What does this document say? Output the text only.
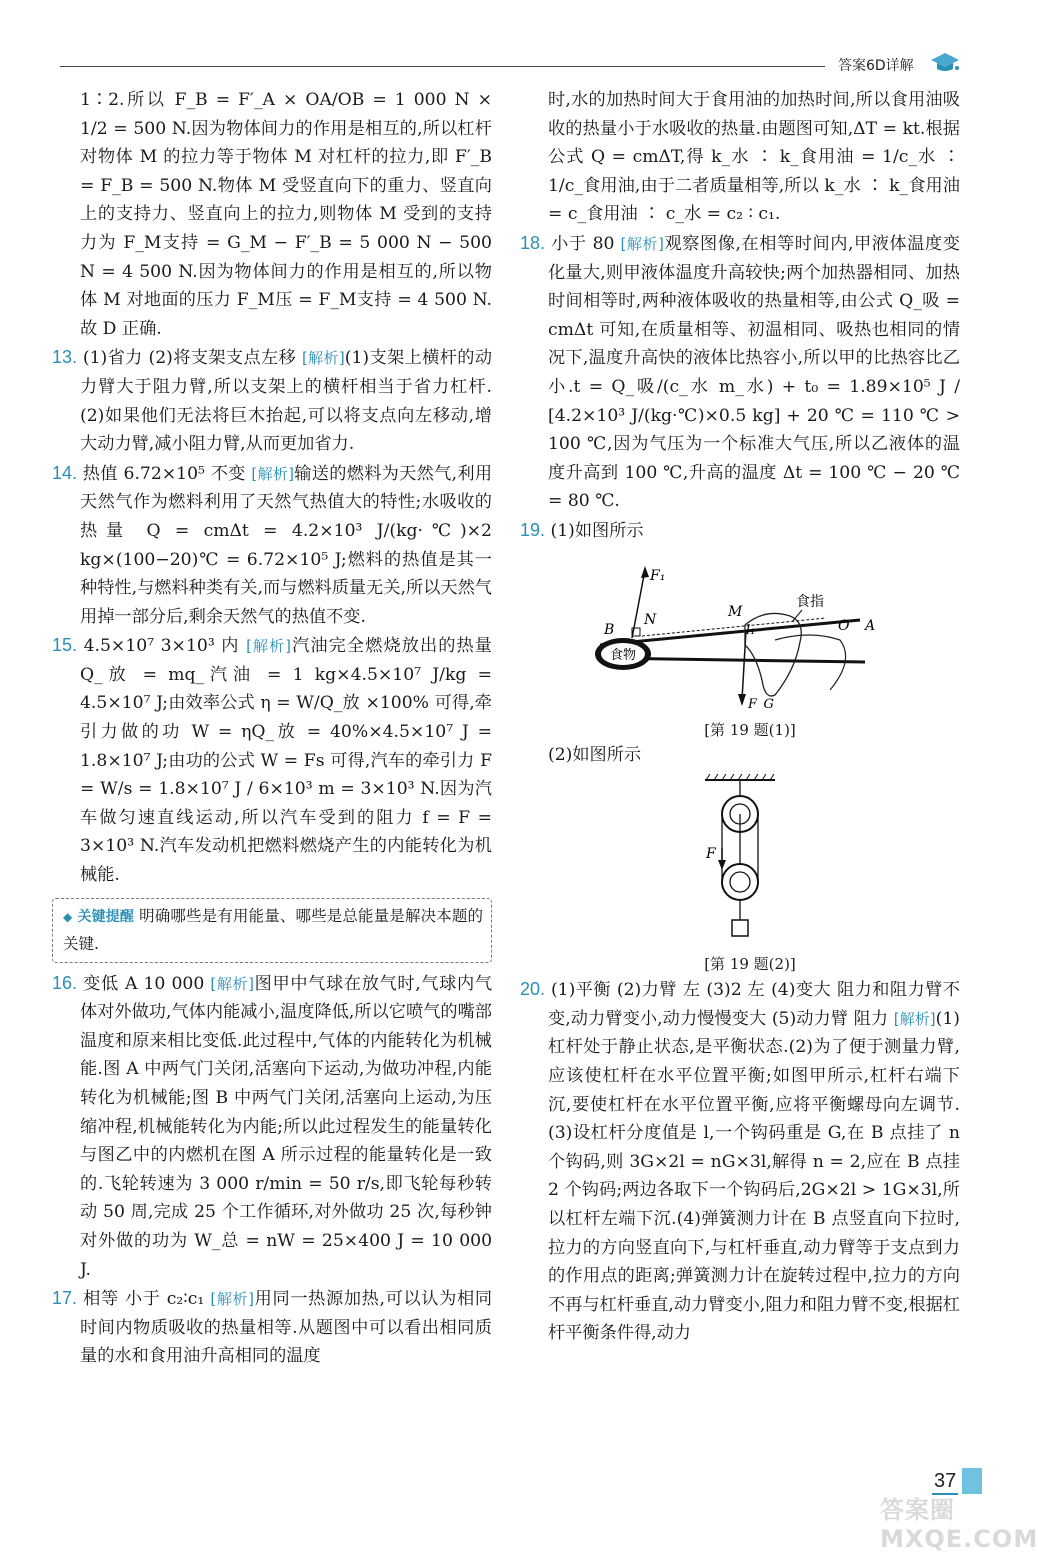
答案6D详解

1∶2.所以 F_B = F′_A × OA/OB = 1 000 N × 1/2 = 500 N.因为物体间力的作用是相互的,所以杠杆对物体 M 的拉力等于物体 M 对杠杆的拉力,即 F′_B = F_B = 500 N.物体 M 受竖直向下的重力、竖直向上的支持力、竖直向上的拉力,则物体 M 受到的支持力为 F_M支持 = G_M − F′_B = 5 000 N − 500 N = 4 500 N.因为物体间力的作用是相互的,所以物体 M 对地面的压力 F_M压 = F_M支持 = 4 500 N.故 D 正确.

13. (1)省力 (2)将支架支点左移 [解析](1)支架上横杆的动力臂大于阻力臂,所以支架上的横杆相当于省力杠杆.(2)如果他们无法将巨木抬起,可以将支点向左移动,增大动力臂,减小阻力臂,从而更加省力.

14. 热值 6.72×10⁵ 不变 [解析]输送的燃料为天然气,利用天然气作为燃料利用了天然气热值大的特性;水吸收的热量 Q = cmΔt = 4.2×10³ J/(kg·℃)×2 kg×(100−20)℃ = 6.72×10⁵ J;燃料的热值是其一种特性,与燃料种类有关,而与燃料质量无关,所以天然气用掉一部分后,剩余天然气的热值不变.

15. 4.5×10⁷ 3×10³ 内 [解析]汽油完全燃烧放出的热量 Q_放 = mq_汽油 = 1 kg×4.5×10⁷ J/kg = 4.5×10⁷ J;由效率公式 η = W/Q_放 ×100% 可得,牵引力做的功 W = ηQ_放 = 40%×4.5×10⁷ J = 1.8×10⁷ J;由功的公式 W = Fs 可得,汽车的牵引力 F = W/s = 1.8×10⁷ J / 6×10³ m = 3×10³ N.因为汽车做匀速直线运动,所以汽车受到的阻力 f = F = 3×10³ N.汽车发动机把燃料燃烧产生的内能转化为机械能.

◆ 关键提醒 明确哪些是有用能量、哪些是总能量是解决本题的关键.

16. 变低 A 10 000 [解析]图甲中气球在放气时,气球内气体对外做功,气体内能减小,温度降低,所以它喷气的嘴部温度和原来相比变低.此过程中,气体的内能转化为机械能.图 A 中两气门关闭,活塞向下运动,为做功冲程,内能转化为机械能;图 B 中两气门关闭,活塞向上运动,为压缩冲程,机械能转化为内能;所以此过程发生的能量转化与图乙中的内燃机在图 A 所示过程的能量转化是一致的.飞轮转速为 3 000 r/min = 50 r/s,即飞轮每秒转动 50 周,完成 25 个工作循环,对外做功 25 次,每秒钟对外做的功为 W_总 = nW = 25×400 J = 10 000 J.

17. 相等 小于 c₂∶c₁ [解析]用同一热源加热,可以认为相同时间内物质吸收的热量相等.从题图中可以看出相同质量的水和食用油升高相同的温度

时,水的加热时间大于食用油的加热时间,所以食用油吸收的热量小于水吸收的热量.由题图可知,ΔT = kt.根据公式 Q = cmΔT,得 k_水 ∶ k_食用油 = 1/c_水 ∶ 1/c_食用油,由于二者质量相等,所以 k_水 ∶ k_食用油 = c_食用油 ∶ c_水 = c₂ ∶ c₁.

18. 小于 80 [解析]观察图像,在相等时间内,甲液体温度变化量大,则甲液体温度升高较快;两个加热器相同、加热时间相等时,两种液体吸收的热量相等,由公式 Q_吸 = cmΔt 可知,在质量相等、初温相同、吸热也相同的情况下,温度升高快的液体比热容小,所以甲的比热容比乙小.t = Q_吸/(c_水 m_水) + t₀ = 1.89×10⁵ J / [4.2×10³ J/(kg·℃)×0.5 kg] + 20 ℃ = 110 ℃ > 100 ℃,因为气压为一个标准大气压,所以乙液体的温度升高到 100 ℃,升高的温度 Δt = 100 ℃ − 20 ℃ = 80 ℃.

19. (1)如图所示

食物
F₁
B
N	M
l₁
食指
O A
F_G
[第 19 题(1)]

(2)如图所示

F
[第 19 题(2)]

20. (1)平衡 (2)力臂 左 (3)2 左 (4)变大 阻力和阻力臂不变,动力臂变小,动力慢慢变大 (5)动力臂 阻力 [解析](1)杠杆处于静止状态,是平衡状态.(2)为了便于测量力臂,应该使杠杆在水平位置平衡;如图甲所示,杠杆右端下沉,要使杠杆在水平位置平衡,应将平衡螺母向左调节.(3)设杠杆分度值是 l,一个钩码重是 G,在 B 点挂了 n 个钩码,则 3G×2l = nG×3l,解得 n = 2,应在 B 点挂 2 个钩码;两边各取下一个钩码后,2G×2l > 1G×3l,所以杠杆左端下沉.(4)弹簧测力计在 B 点竖直向下拉时,拉力的方向竖直向下,与杠杆垂直,动力臂等于支点到力的作用点的距离;弹簧测力计在旋转过程中,拉力的方向不再与杠杆垂直,动力臂变小,阻力和阻力臂不变,根据杠杆平衡条件得,动力

37
答案圈 MXQE.COM
